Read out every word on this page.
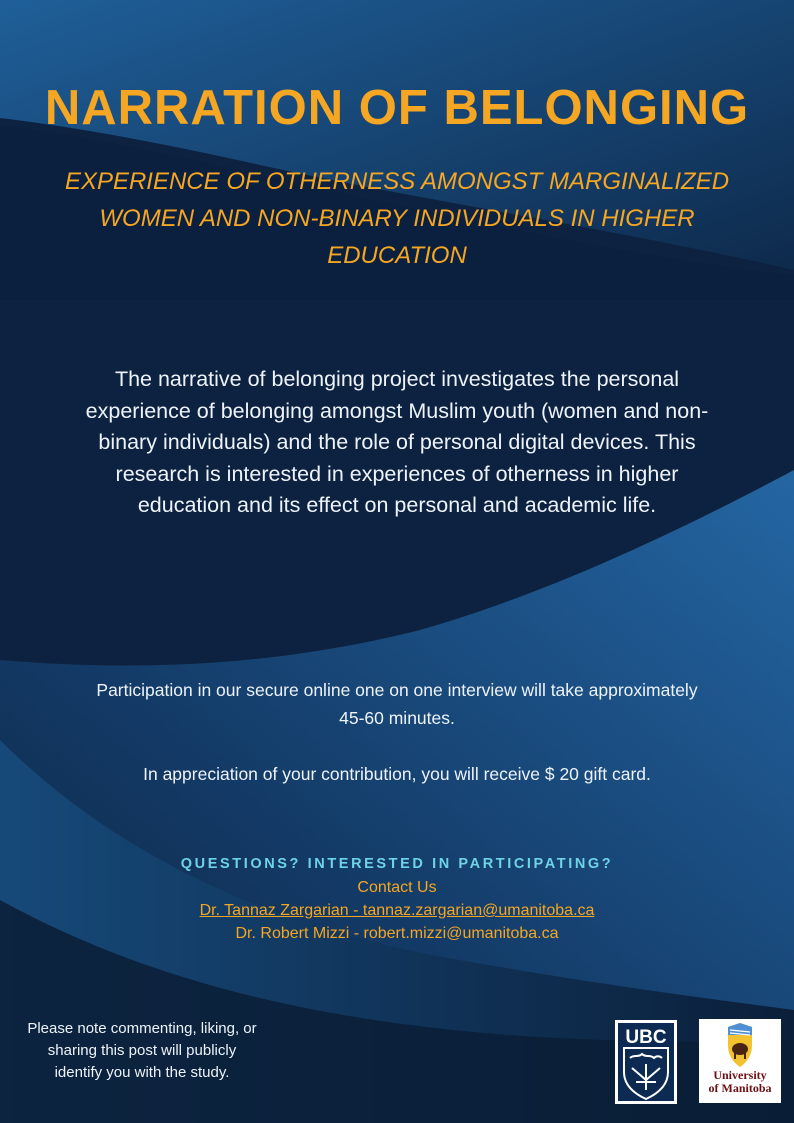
NARRATION OF BELONGING
EXPERIENCE OF OTHERNESS AMONGST MARGINALIZED WOMEN AND NON-BINARY INDIVIDUALS IN HIGHER EDUCATION
The narrative of belonging project investigates the personal experience of belonging amongst Muslim youth (women and non-binary individuals) and the role of personal digital devices. This research is interested in experiences of otherness in higher education and its effect on personal and academic life.
Participation in our secure online one on one interview will take approximately 45-60 minutes.
In appreciation of your contribution, you will receive $ 20 gift card.
QUESTIONS? INTERESTED IN PARTICIPATING?
Contact Us
Dr. Tannaz Zargarian - tannaz.zargarian@umanitoba.ca
Dr. Robert Mizzi - robert.mizzi@umanitoba.ca
Please note commenting, liking, or sharing this post will publicly identify you with the study.
UBC
University
of Manitoba
